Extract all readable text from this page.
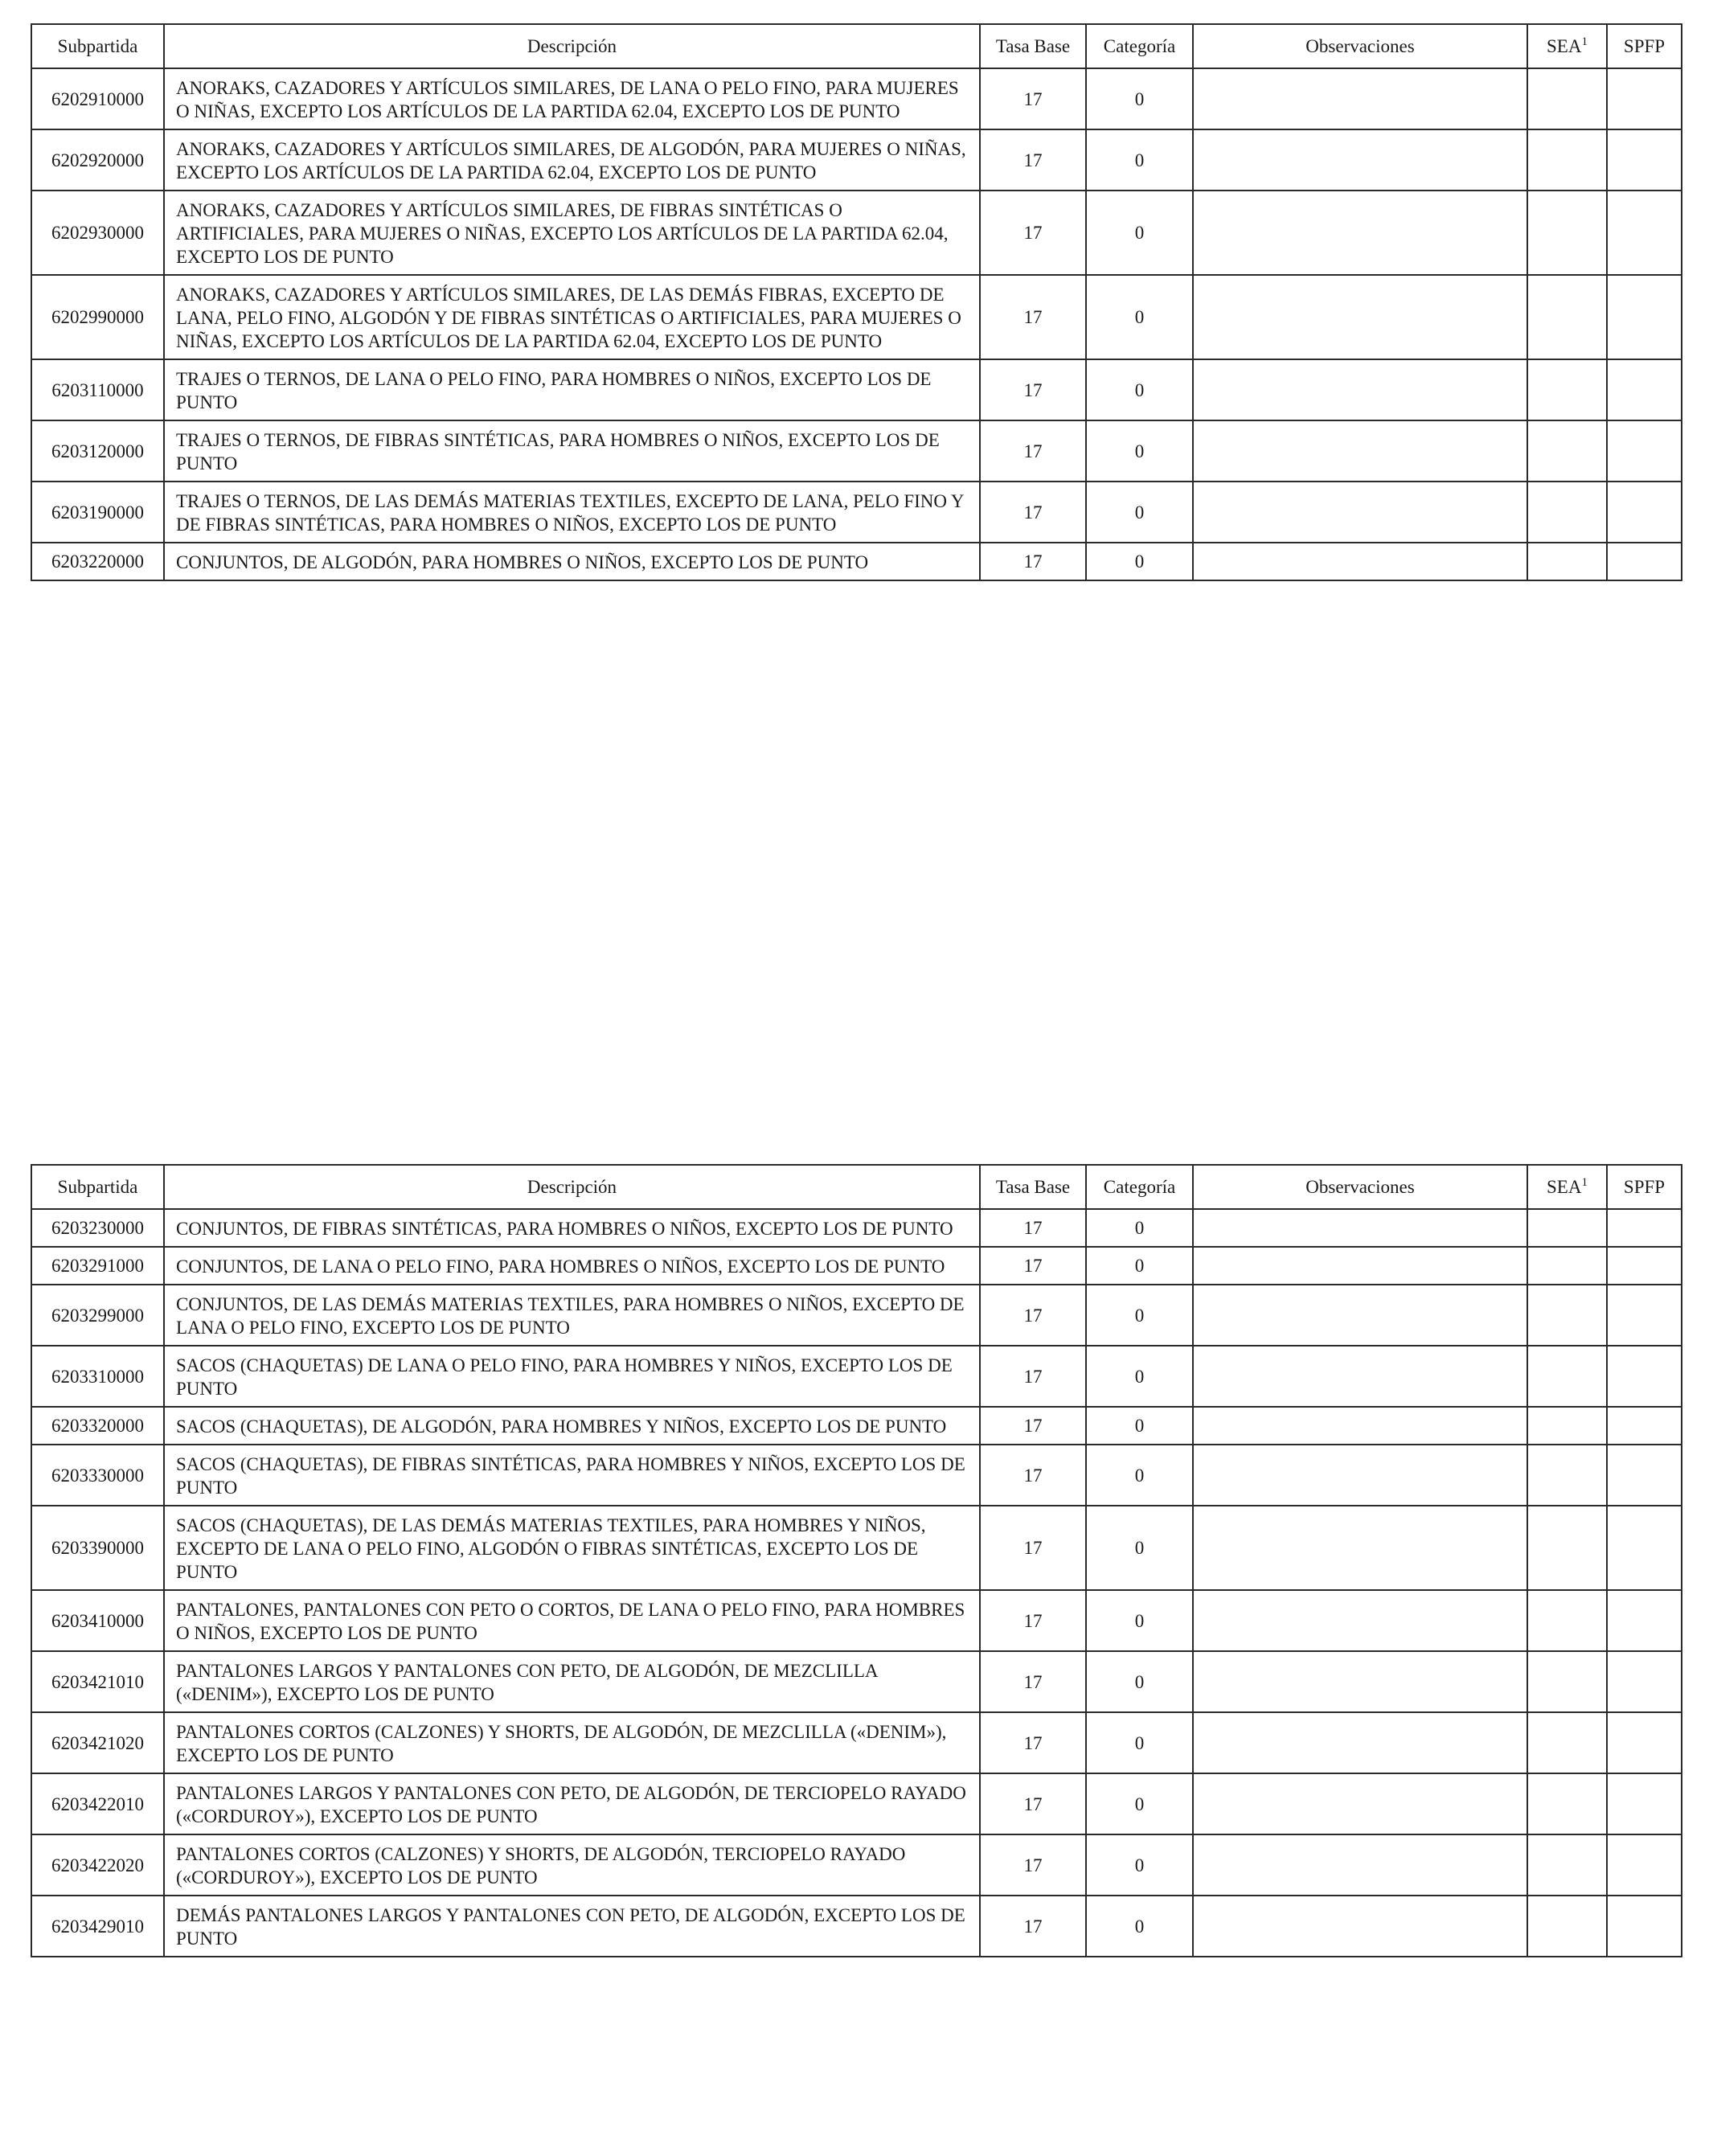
Subpartida	Descripción	Tasa Base	Categoría	Observaciones	SEA$^1$	SPFP
6202910000	ANORAKS, CAZADORES Y ARTÍCULOS SIMILARES, DE LANA O PELO FINO, PARA MUJERES O NIÑAS, EXCEPTO LOS ARTÍCULOS DE LA PARTIDA 62.04, EXCEPTO LOS DE PUNTO	17	0			
6202920000	ANORAKS, CAZADORES Y ARTÍCULOS SIMILARES, DE ALGODÓN, PARA MUJERES O NIÑAS, EXCEPTO LOS ARTÍCULOS DE LA PARTIDA 62.04, EXCEPTO LOS DE PUNTO	17	0			
6202930000	ANORAKS, CAZADORES Y ARTÍCULOS SIMILARES, DE FIBRAS SINTÉTICAS O ARTIFICIALES, PARA MUJERES O NIÑAS, EXCEPTO LOS ARTÍCULOS DE LA PARTIDA 62.04, EXCEPTO LOS DE PUNTO	17	0			
6202990000	ANORAKS, CAZADORES Y ARTÍCULOS SIMILARES, DE LAS DEMÁS FIBRAS, EXCEPTO DE LANA, PELO FINO, ALGODÓN Y DE FIBRAS SINTÉTICAS O ARTIFICIALES, PARA MUJERES O NIÑAS, EXCEPTO LOS ARTÍCULOS DE LA PARTIDA 62.04, EXCEPTO LOS DE PUNTO	17	0			
6203110000	TRAJES O TERNOS, DE LANA O PELO FINO, PARA HOMBRES O NIÑOS, EXCEPTO LOS DE PUNTO	17	0			
6203120000	TRAJES O TERNOS, DE FIBRAS SINTÉTICAS, PARA HOMBRES O NIÑOS, EXCEPTO LOS DE PUNTO	17	0			
6203190000	TRAJES O TERNOS, DE LAS DEMÁS MATERIAS TEXTILES, EXCEPTO DE LANA, PELO FINO Y DE FIBRAS SINTÉTICAS, PARA HOMBRES O NIÑOS, EXCEPTO LOS DE PUNTO	17	0			
6203220000	CONJUNTOS, DE ALGODÓN, PARA HOMBRES O NIÑOS, EXCEPTO LOS DE PUNTO	17	0			
Subpartida	Descripción	Tasa Base	Categoría	Observaciones	SEA$^1$	SPFP
6203230000	CONJUNTOS, DE FIBRAS SINTÉTICAS, PARA HOMBRES O NIÑOS, EXCEPTO LOS DE PUNTO	17	0			
6203291000	CONJUNTOS, DE LANA O PELO FINO, PARA HOMBRES O NIÑOS, EXCEPTO LOS DE PUNTO	17	0			
6203299000	CONJUNTOS, DE LAS DEMÁS MATERIAS TEXTILES, PARA HOMBRES O NIÑOS, EXCEPTO DE LANA O PELO FINO, EXCEPTO LOS DE PUNTO	17	0			
6203310000	SACOS (CHAQUETAS) DE LANA O PELO FINO, PARA HOMBRES Y NIÑOS, EXCEPTO LOS DE PUNTO	17	0			
6203320000	SACOS (CHAQUETAS), DE ALGODÓN, PARA HOMBRES Y NIÑOS, EXCEPTO LOS DE PUNTO	17	0			
6203330000	SACOS (CHAQUETAS), DE FIBRAS SINTÉTICAS, PARA HOMBRES Y NIÑOS, EXCEPTO LOS DE PUNTO	17	0			
6203390000	SACOS (CHAQUETAS), DE LAS DEMÁS MATERIAS TEXTILES, PARA HOMBRES Y NIÑOS, EXCEPTO DE LANA O PELO FINO, ALGODÓN O FIBRAS SINTÉTICAS, EXCEPTO LOS DE PUNTO	17	0			
6203410000	PANTALONES, PANTALONES CON PETO O CORTOS, DE LANA O PELO FINO, PARA HOMBRES O NIÑOS, EXCEPTO LOS DE PUNTO	17	0			
6203421010	PANTALONES LARGOS Y PANTALONES CON PETO, DE ALGODÓN, DE MEZCLILLA («DENIM»), EXCEPTO LOS DE PUNTO	17	0			
6203421020	PANTALONES CORTOS (CALZONES) Y SHORTS, DE ALGODÓN, DE MEZCLILLA («DENIM»), EXCEPTO LOS DE PUNTO	17	0			
6203422010	PANTALONES LARGOS Y PANTALONES CON PETO, DE ALGODÓN, DE TERCIOPELO RAYADO («CORDUROY»), EXCEPTO LOS DE PUNTO	17	0			
6203422020	PANTALONES CORTOS (CALZONES) Y SHORTS, DE ALGODÓN, TERCIOPELO RAYADO («CORDUROY»), EXCEPTO LOS DE PUNTO	17	0			
6203429010	DEMÁS PANTALONES LARGOS Y PANTALONES CON PETO, DE ALGODÓN, EXCEPTO LOS DE PUNTO	17	0			
